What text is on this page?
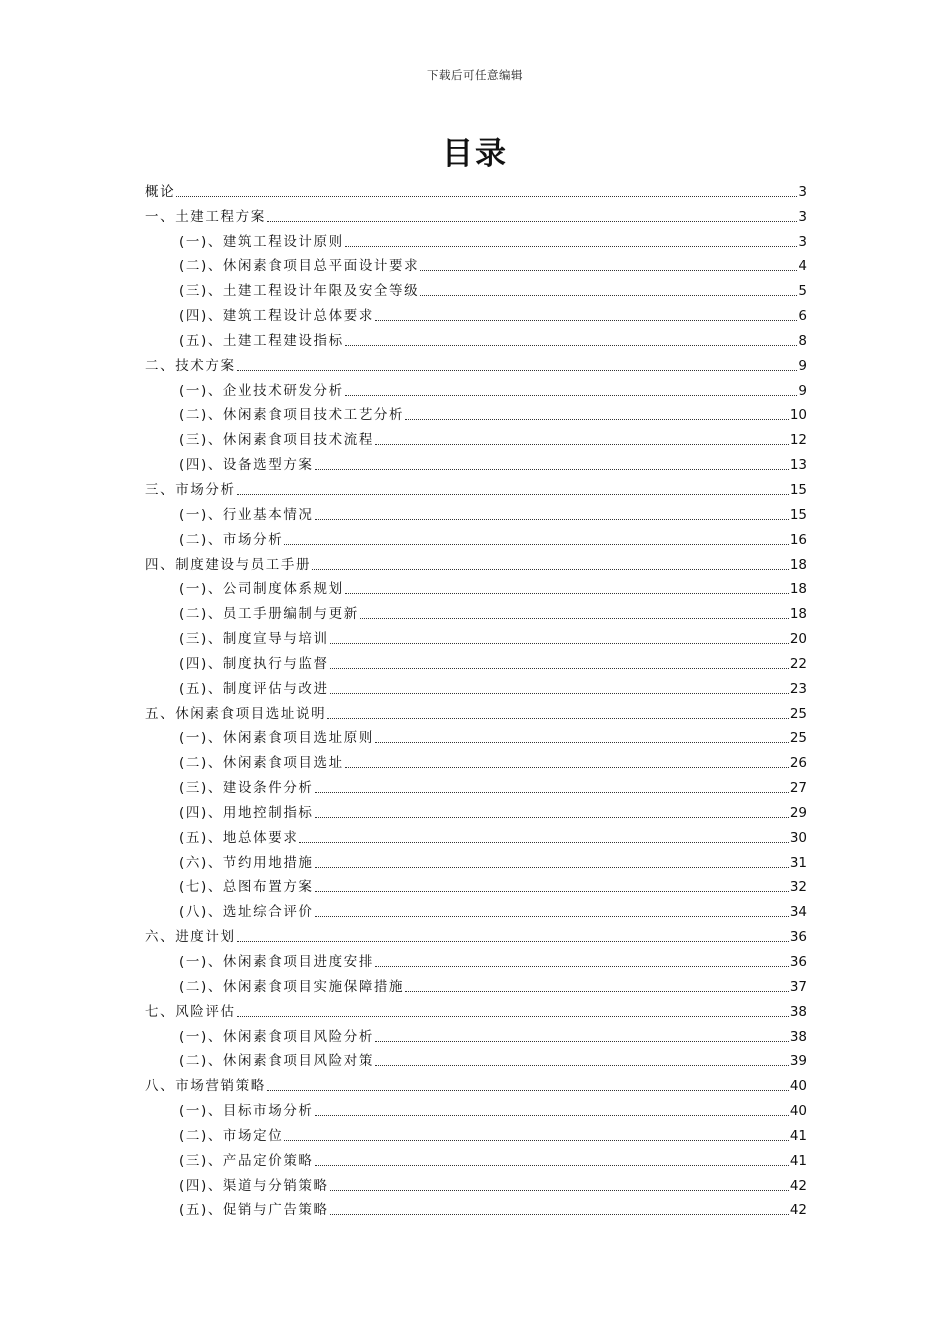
下载后可任意编辑
目录
概论	3
一、土建工程方案	3
(一)、建筑工程设计原则	3
(二)、休闲素食项目总平面设计要求	4
(三)、土建工程设计年限及安全等级	5
(四)、建筑工程设计总体要求	6
(五)、土建工程建设指标	8
二、技术方案	9
(一)、企业技术研发分析	9
(二)、休闲素食项目技术工艺分析	10
(三)、休闲素食项目技术流程	12
(四)、设备选型方案	13
三、市场分析	15
(一)、行业基本情况	15
(二)、市场分析	16
四、制度建设与员工手册	18
(一)、公司制度体系规划	18
(二)、员工手册编制与更新	18
(三)、制度宣导与培训	20
(四)、制度执行与监督	22
(五)、制度评估与改进	23
五、休闲素食项目选址说明	25
(一)、休闲素食项目选址原则	25
(二)、休闲素食项目选址	26
(三)、建设条件分析	27
(四)、用地控制指标	29
(五)、地总体要求	30
(六)、节约用地措施	31
(七)、总图布置方案	32
(八)、选址综合评价	34
六、进度计划	36
(一)、休闲素食项目进度安排	36
(二)、休闲素食项目实施保障措施	37
七、风险评估	38
(一)、休闲素食项目风险分析	38
(二)、休闲素食项目风险对策	39
八、市场营销策略	40
(一)、目标市场分析	40
(二)、市场定位	41
(三)、产品定价策略	41
(四)、渠道与分销策略	42
(五)、促销与广告策略	42
